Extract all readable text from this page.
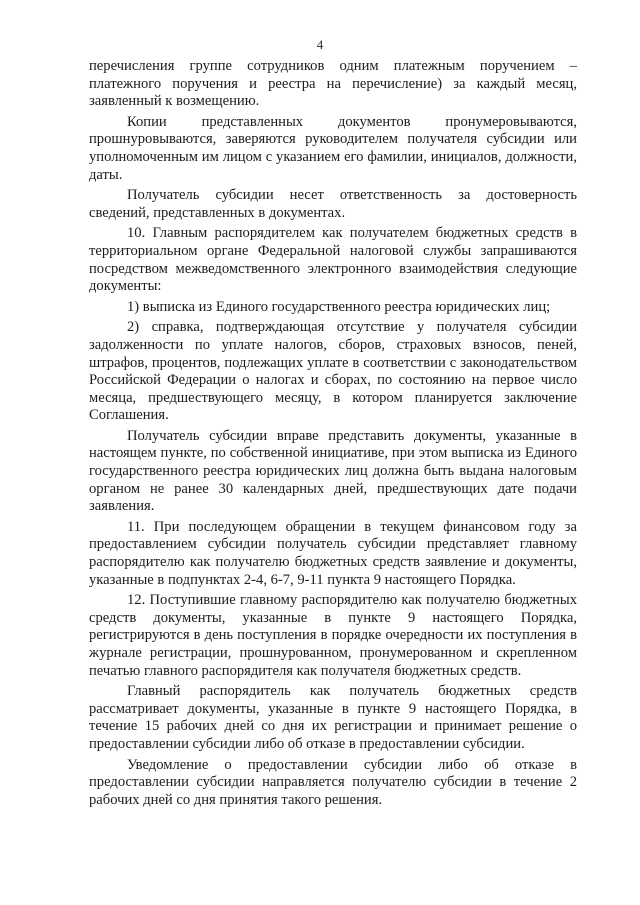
4

перечисления группе сотрудников одним платежным поручением – платежного поручения и реестра на перечисление) за каждый месяц, заявленный к возмещению.

Копии представленных документов пронумеровываются, прошнуровываются, заверяются руководителем получателя субсидии или уполномоченным им лицом с указанием его фамилии, инициалов, должности, даты.

Получатель субсидии несет ответственность за достоверность сведений, представленных в документах.

10. Главным распорядителем как получателем бюджетных средств в территориальном органе Федеральной налоговой службы запрашиваются посредством межведомственного электронного взаимодействия следующие документы:

1) выписка из Единого государственного реестра юридических лиц;

2) справка, подтверждающая отсутствие у получателя субсидии задолженности по уплате налогов, сборов, страховых взносов, пеней, штрафов, процентов, подлежащих уплате в соответствии с законодательством Российской Федерации о налогах и сборах, по состоянию на первое число месяца, предшествующего месяцу, в котором планируется заключение Соглашения.

Получатель субсидии вправе представить документы, указанные в настоящем пункте, по собственной инициативе, при этом выписка из Единого государственного реестра юридических лиц должна быть выдана налоговым органом не ранее 30 календарных дней, предшествующих дате подачи заявления.

11. При последующем обращении в текущем финансовом году за предоставлением субсидии получатель субсидии представляет главному распорядителю как получателю бюджетных средств заявление и документы, указанные в подпунктах 2-4, 6-7, 9-11 пункта 9 настоящего Порядка.

12. Поступившие главному распорядителю как получателю бюджетных средств документы, указанные в пункте 9 настоящего Порядка, регистрируются в день поступления в порядке очередности их поступления в журнале регистрации, прошнурованном, пронумерованном и скрепленном печатью главного распорядителя как получателя бюджетных средств.

Главный распорядитель как получатель бюджетных средств рассматривает документы, указанные в пункте 9 настоящего Порядка, в течение 15 рабочих дней со дня их регистрации и принимает решение о предоставлении субсидии либо об отказе в предоставлении субсидии.

Уведомление о предоставлении субсидии либо об отказе в предоставлении субсидии направляется получателю субсидии в течение 2 рабочих дней со дня принятия такого решения.
